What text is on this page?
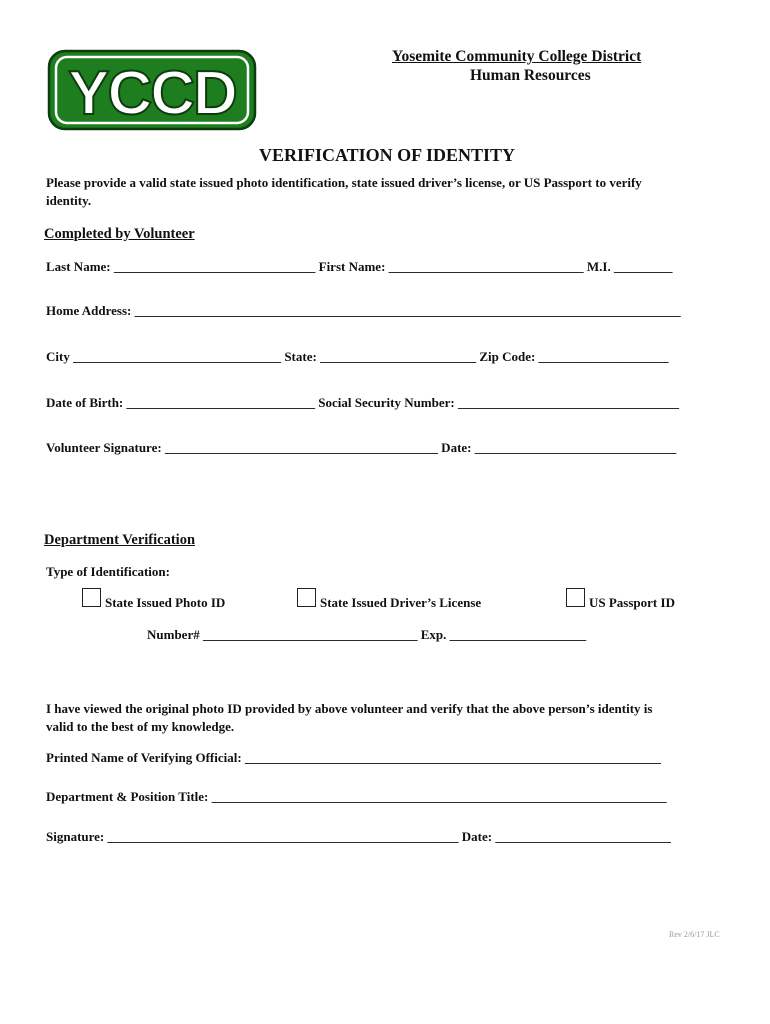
YCCD
Yosemite Community College District
Human Resources
VERIFICATION OF IDENTITY
Please provide a valid state issued photo identification, state issued driver’s license, or US Passport to verify
identity.
Completed by Volunteer
Last Name: _______________________________ First Name: ______________________________ M.I. _________
Home Address: ____________________________________________________________________________________
City ________________________________ State: ________________________ Zip Code: ____________________
Date of Birth: _____________________________ Social Security Number: __________________________________
Volunteer Signature: __________________________________________ Date: _______________________________
Department Verification
Type of Identification:
State Issued Photo ID	State Issued Driver’s License	US Passport ID
Number# _________________________________ Exp. _____________________
I have viewed the original photo ID provided by above volunteer and verify that the above person’s identity is
valid to the best of my knowledge.
Printed Name of Verifying Official: ________________________________________________________________
Department & Position Title: ______________________________________________________________________
Signature: ______________________________________________________ Date: ___________________________
Rev 2/6/17 JLC
